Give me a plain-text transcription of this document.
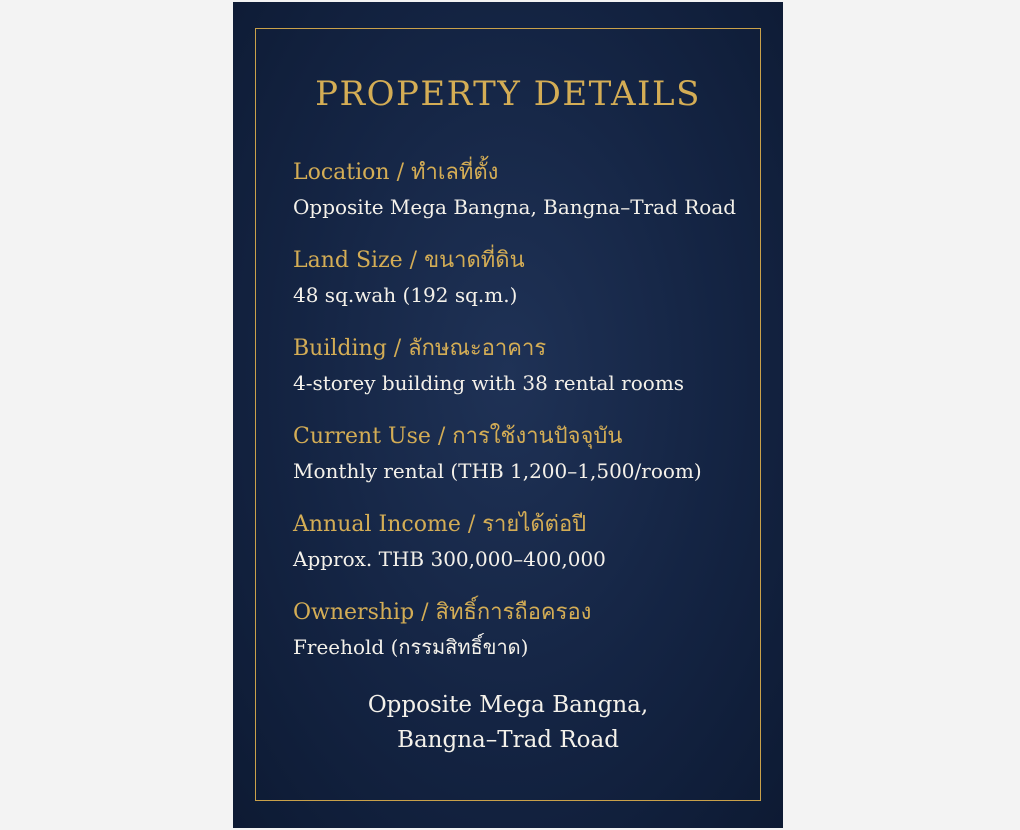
PROPERTY DETAILS
Location / ทำเลที่ตั้ง
Opposite Mega Bangna, Bangna–Trad Road
Land Size / ขนาดที่ดิน
48 sq.wah (192 sq.m.)
Building / ลักษณะอาคาร
4-storey building with 38 rental rooms
Current Use / การใช้งานปัจจุบัน
Monthly rental (THB 1,200–1,500/room)
Annual Income / รายได้ต่อปี
Approx. THB 300,000–400,000
Ownership / สิทธิ์การถือครอง
Freehold (กรรมสิทธิ์ขาด)
Opposite Mega Bangna,
Bangna–Trad Road
